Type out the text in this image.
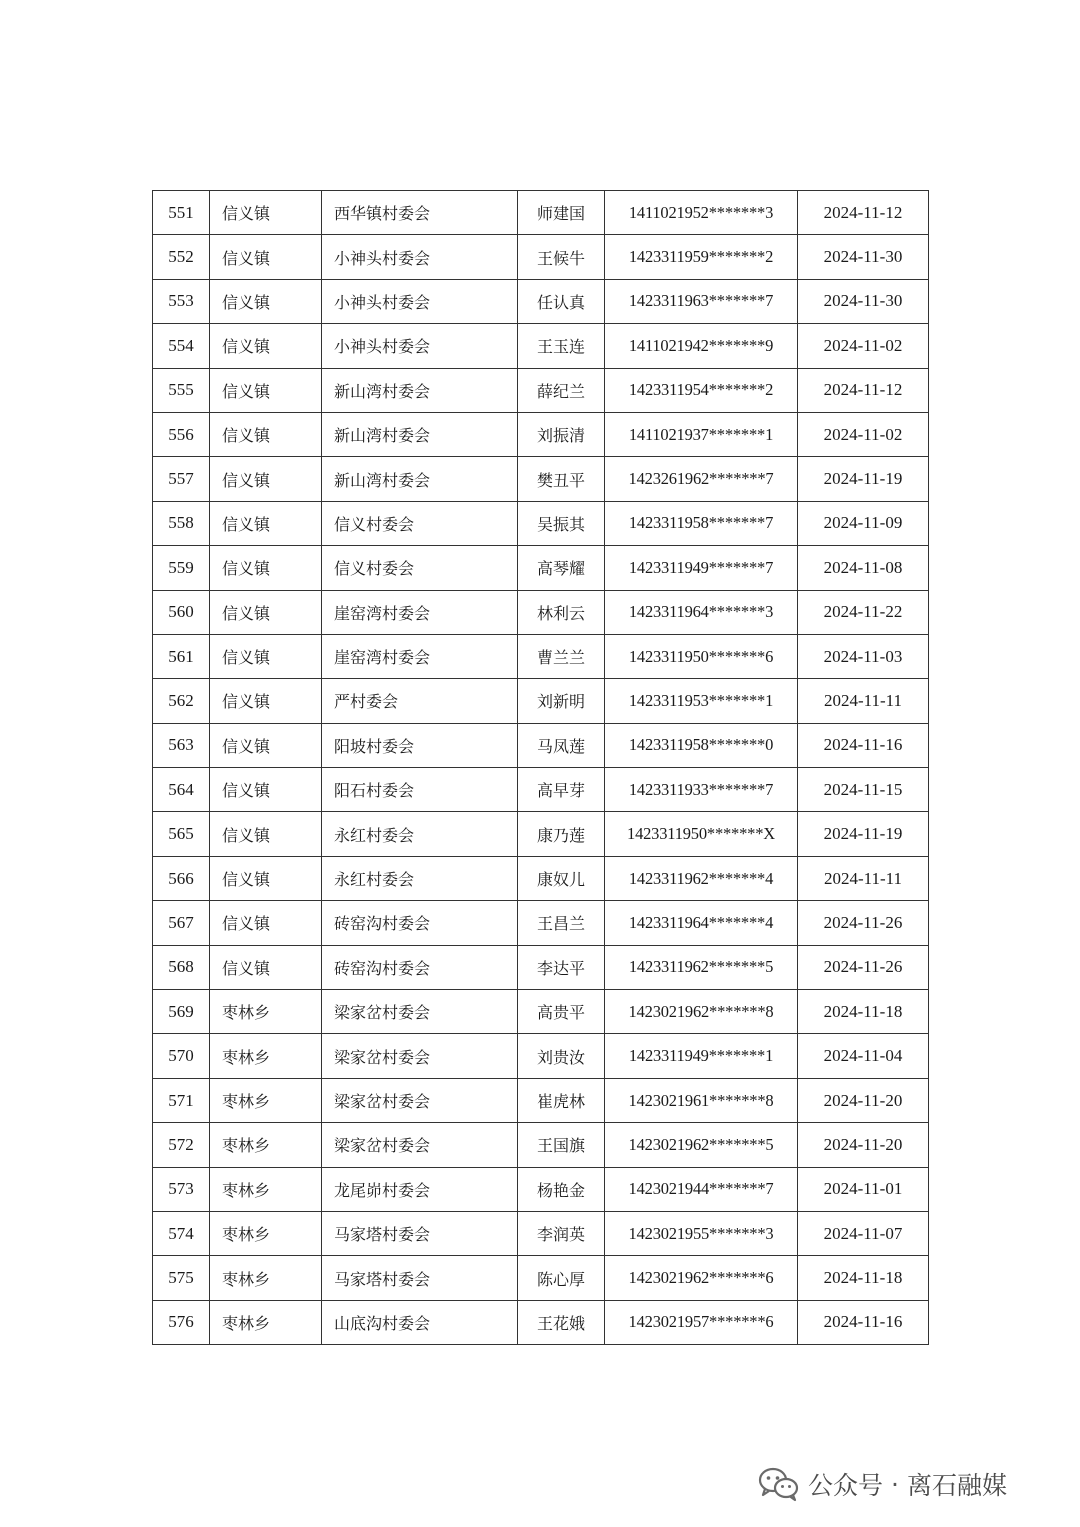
551	信义镇	西华镇村委会	师建国	1411021952*******3	2024-11-12
552	信义镇	小神头村委会	王候牛	1423311959*******2	2024-11-30
553	信义镇	小神头村委会	任认真	1423311963*******7	2024-11-30
554	信义镇	小神头村委会	王玉连	1411021942*******9	2024-11-02
555	信义镇	新山湾村委会	薛纪兰	1423311954*******2	2024-11-12
556	信义镇	新山湾村委会	刘振清	1411021937*******1	2024-11-02
557	信义镇	新山湾村委会	樊丑平	1423261962*******7	2024-11-19
558	信义镇	信义村委会	吴振其	1423311958*******7	2024-11-09
559	信义镇	信义村委会	高琴耀	1423311949*******7	2024-11-08
560	信义镇	崖窑湾村委会	林利云	1423311964*******3	2024-11-22
561	信义镇	崖窑湾村委会	曹兰兰	1423311950*******6	2024-11-03
562	信义镇	严村委会	刘新明	1423311953*******1	2024-11-11
563	信义镇	阳坡村委会	马凤莲	1423311958*******0	2024-11-16
564	信义镇	阳石村委会	高早芽	1423311933*******7	2024-11-15
565	信义镇	永红村委会	康乃莲	1423311950*******X	2024-11-19
566	信义镇	永红村委会	康奴儿	1423311962*******4	2024-11-11
567	信义镇	砖窑沟村委会	王昌兰	1423311964*******4	2024-11-26
568	信义镇	砖窑沟村委会	李达平	1423311962*******5	2024-11-26
569	枣林乡	梁家岔村委会	高贵平	1423021962*******8	2024-11-18
570	枣林乡	梁家岔村委会	刘贵汝	1423311949*******1	2024-11-04
571	枣林乡	梁家岔村委会	崔虎林	1423021961*******8	2024-11-20
572	枣林乡	梁家岔村委会	王国旗	1423021962*******5	2024-11-20
573	枣林乡	龙尾峁村委会	杨艳金	1423021944*******7	2024-11-01
574	枣林乡	马家塔村委会	李润英	1423021955*******3	2024-11-07
575	枣林乡	马家塔村委会	陈心厚	1423021962*******6	2024-11-18
576	枣林乡	山底沟村委会	王花娥	1423021957*******6	2024-11-16
公众号 · 离石融媒
